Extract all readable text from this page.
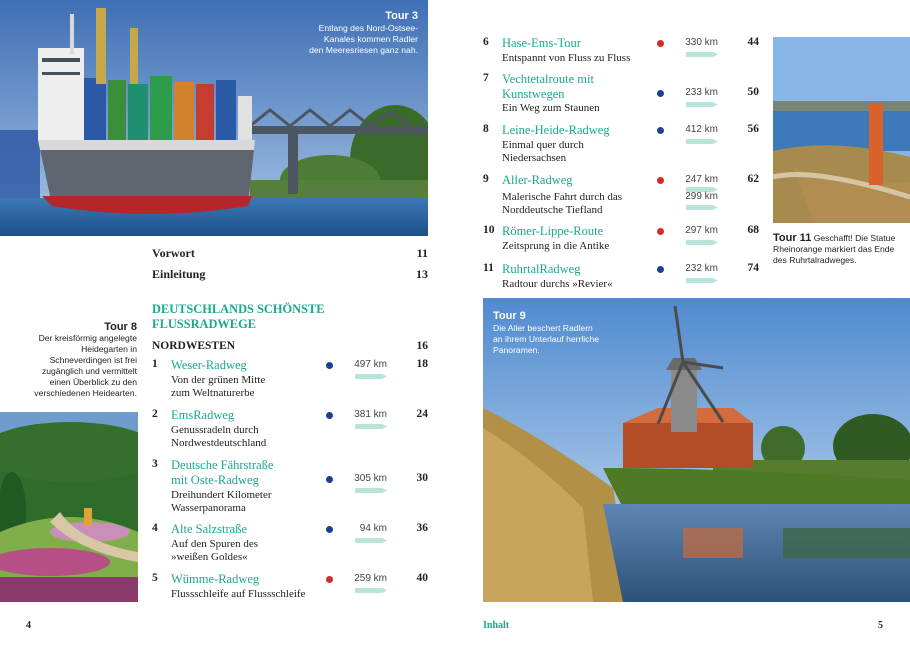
Tour 3
Entlang des Nord-Ostsee-Kanales kommen Radler den Meeresriesen ganz nah.
Tour 8
Der kreisförmig angelegte Heidegarten in Schneverdingen ist frei zugänglich und vermittelt einen Überblick zu den verschiedenen Heidearten.
Tour 11 Geschafft! Die Statue Rheinorange markiert das Ende des Ruhrtalradweges.
Tour 9
Die Aller beschert Radlern an ihrem Unterlauf herrliche Panoramen.
Vorwort	11
Einleitung	13
DEUTSCHLANDS SCHÖNSTE FLUSSRADWEGE
NORDWESTEN	16
1 Weser-Radweg
Von der grünen Mitte zum Weltnaturerbe
497 km	18
2 EmsRadweg
Genussradeln durch Nordwestdeutschland
381 km	24
3 Deutsche Fährstraße mit Oste-Radweg
Dreihundert Kilometer Wasserpanorama
305 km	30
4 Alte Salzstraße
Auf den Spuren des »weißen Goldes«
94 km	36
5 Wümme-Radweg
Flussschleife auf Flussschleife
259 km	40
6 Hase-Ems-Tour
Entspannt von Fluss zu Fluss
330 km	44
7 Vechtetalroute mit Kunstwegen
Ein Weg zum Staunen
233 km	50
8 Leine-Heide-Radweg
Einmal quer durch Niedersachsen
412 km	56
9 Aller-Radweg
Malerische Fahrt durch das Norddeutsche Tiefland
247 km
299 km
62
10 Römer-Lippe-Route
Zeitsprung in die Antike
297 km	68
11 RuhrtalRadweg
Radtour durchs »Revier«
232 km	74
4	Inhalt	5
